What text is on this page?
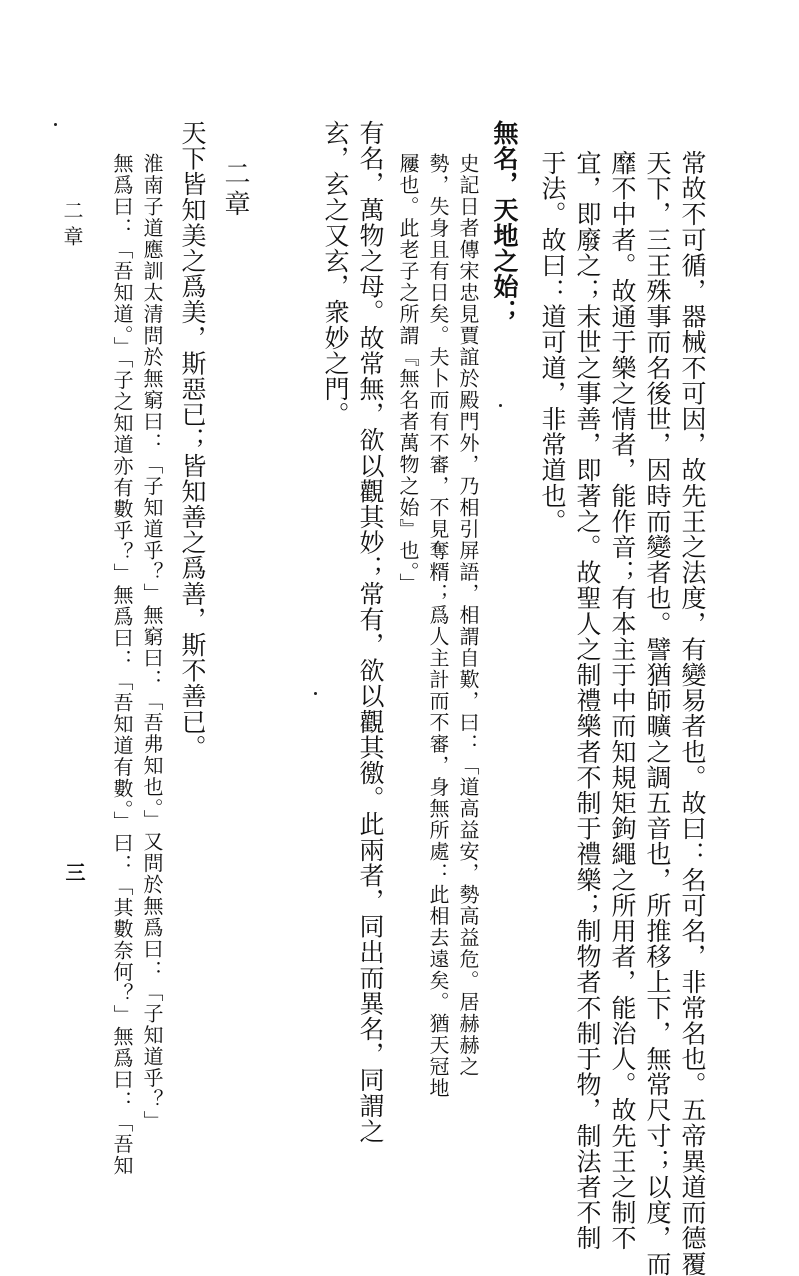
常故不可循，器械不可因，故先王之法度，有變易者也。故曰：名可名，非常名也。五帝異道而德覆
天下，三王殊事而名後世，因時而變者也。譬猶師曠之調五音也，所推移上下，無常尺寸；以度，而
靡不中者。故通于樂之情者，能作音；有本主于中而知規矩鉤繩之所用者，能治人。故先王之制不
宜，即廢之；末世之事善，即著之。故聖人之制禮樂者不制于禮樂；制物者不制于物，制法者不制
于法。故曰：道可道，非常道也。
無名，天地之始；
史記日者傳宋忠見賈誼於殿門外，乃相引屏語，相謂自歎，曰：「道高益安，勢高益危。居赫赫之
勢，失身且有日矣。夫卜而有不審，不見奪糈；爲人主計而不審，身無所處：此相去遠矣。猶天冠地
屨也。此老子之所謂『無名者萬物之始』也。」
有名，萬物之母。故常無，欲以觀其妙；常有，欲以觀其徼。此兩者，同出而異名，同謂之
玄，玄之又玄，衆妙之門。
二章
天下皆知美之爲美，斯惡已；皆知善之爲善，斯不善已。
淮南子道應訓太清問於無窮曰：「子知道乎？」無窮曰：「吾弗知也。」又問於無爲曰：「子知道乎？」
無爲曰：「吾知道。」「子之知道亦有數乎？」無爲曰：「吾知道有數。」曰：「其數奈何？」無爲曰：「吾知
二章
三
